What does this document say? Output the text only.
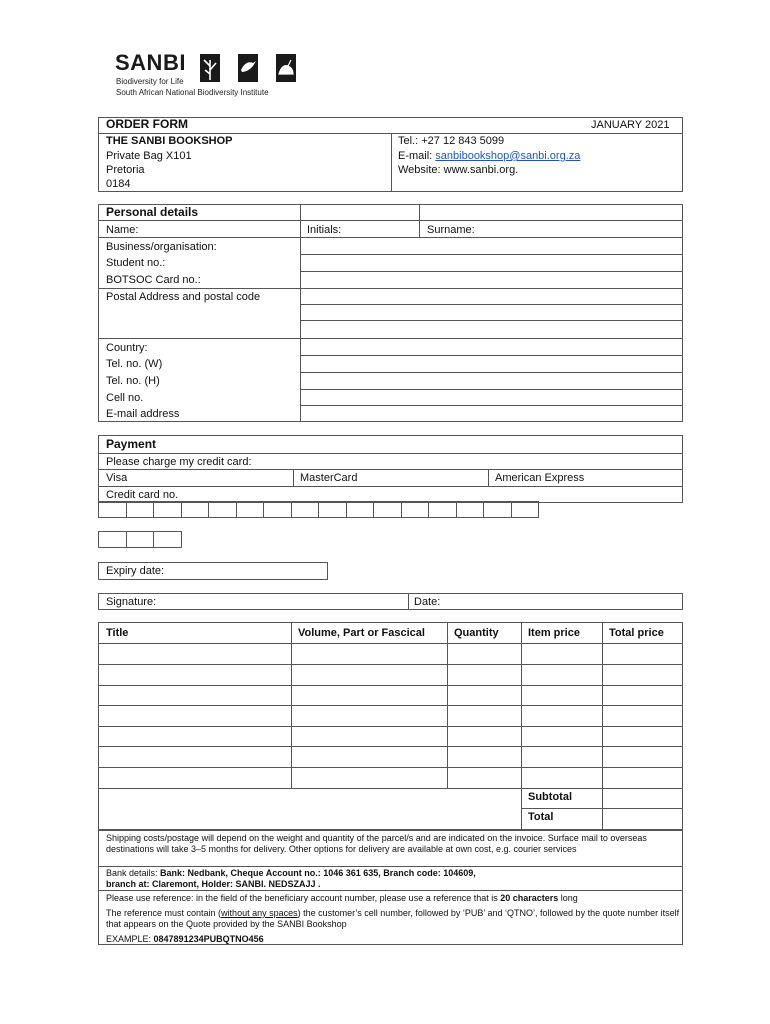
SANBI
Biodiversity for Life
South African National Biodiversity Institute
ORDER FORM	JANUARY 2021
THE SANBI BOOKSHOP
Private Bag X101
Pretoria
0184
Tel.: +27 12 843 5099
E-mail: sanbibookshop@sanbi.org.za
Website: www.sanbi.org.
Personal details
Name:	Initials:	Surname:
Business/organisation:
Student no.:
BOTSOC Card no.:
Postal Address and postal code
Country:
Tel. no. (W)
Tel. no. (H)
Cell no.
E-mail address
Payment
Please charge my credit card:
Visa	MasterCard	American Express
Credit card no.
Expiry date:
Signature:	Date:
Title	Volume, Part or Fascical	Quantity	Item price	Total price
Subtotal
Total
Shipping costs/postage will depend on the weight and quantity of the parcel/s and are indicated on the invoice. Surface mail to overseas destinations will take 3–5 months for delivery. Other options for delivery are available at own cost, e.g. courier services
Bank details: Bank: Nedbank, Cheque Account no.: 1046 361 635, Branch code: 104609,
branch at: Claremont, Holder: SANBI. NEDSZAJJ .
Please use reference: in the field of the beneficiary account number, please use a reference that is 20 characters long
The reference must contain (without any spaces) the customer’s cell number, followed by ‘PUB’ and ‘QTNO’, followed by the quote number itself that appears on the Quote provided by the SANBI Bookshop
EXAMPLE: 0847891234PUBQTNO456
